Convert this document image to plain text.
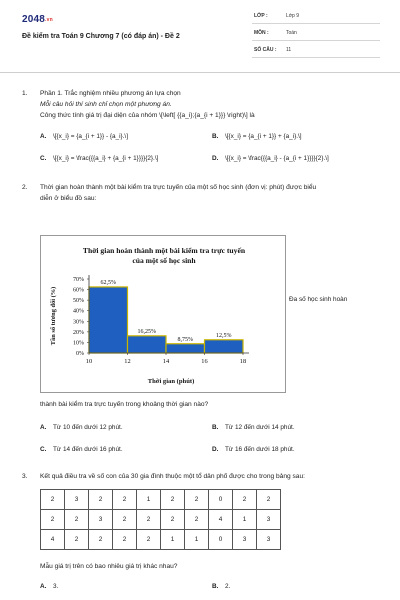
2048.vn
Đề kiểm tra Toán 9 Chương 7 (có đáp án) - Đề 2
LỚP :	Lớp 9
MÔN :	Toán
SỐ CÂU : 11
1. Phần 1. Trắc nghiệm nhiều phương án lựa chọn
Mỗi câu hỏi thí sinh chỉ chọn một phương án.
Công thức tính giá trị đại diện của nhóm \[\left[ {{a_i};{a_{i + 1}}} \right)\] là
A. \[{x_i} = {a_{i + 1}} - {a_i}.\]	B. \[{x_i} = {a_{i + 1}} + {a_i}.\]
C. \[{x_i} = \frac{{{a_i} + {a_{i + 1}}}}{2}.\]	D. \[{x_i} = \frac{{{a_i} - {a_{i + 1}}}}{2}.\]
2. Thời gian hoàn thành một bài kiểm tra trực tuyến của một số học sinh (đơn vị: phút) được biểu
diễn ở biểu đồ sau:
Thời gian hoàn thành một bài kiểm tra trực tuyến
của một số học sinh
Tần số tương đối (%)
Thời gian (phút)
0%
10%
20%
30%
40%
50%
60%
70%	62,5%
16,25%
8,75%
12,5%
10	12	14	16	18
Đa số học sinh hoàn
thành bài kiểm tra trực tuyến trong khoảng thời gian nào?
A. Từ 10 đến dưới 12 phút.	B. Từ 12 đến dưới 14 phút.
C. Từ 14 đến dưới 16 phút.	D. Từ 16 đến dưới 18 phút.
3. Kết quả điều tra về số con của 30 gia đình thuộc một tổ dân phố được cho trong bảng sau:
2	3	2	2	1	2	2	0	2	2
2	2	3	2	2	2	2	4	1	3
4	2	2	2	2	1	1	0	3	3
Mẫu giá trị trên có bao nhiêu giá trị khác nhau?
A. 3.	B. 2.
